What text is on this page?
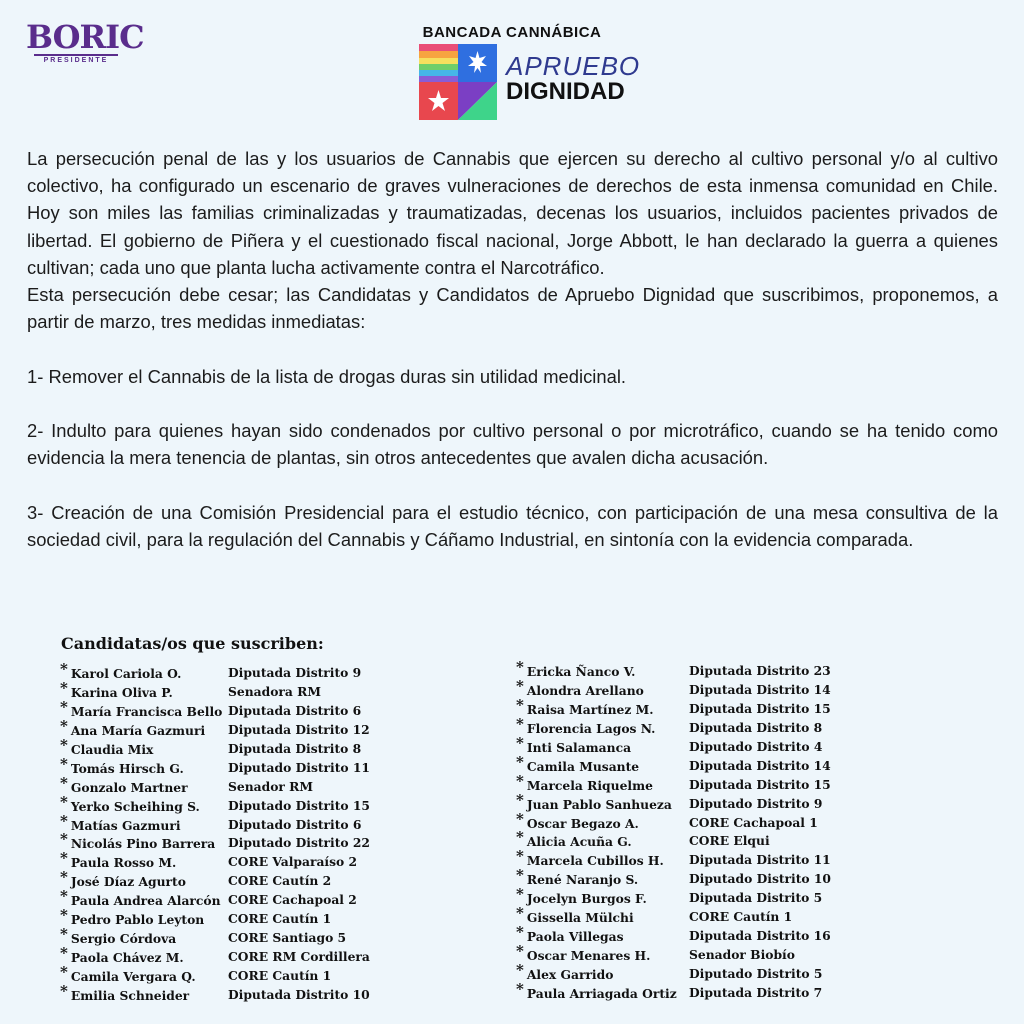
BORIC
PRESIDENTE
BANCADA CANNÁBICA
APRUEBO
DIGNIDAD

La persecución penal de las y los usuarios de Cannabis que ejercen su derecho al cultivo personal y/o al cultivo colectivo, ha configurado un escenario de graves vulneraciones de derechos de esta inmensa comunidad en Chile. Hoy son miles las familias criminalizadas y traumatizadas, decenas los usuarios, incluidos pacientes privados de libertad. El gobierno de Piñera y el cuestionado fiscal nacional, Jorge Abbott, le han declarado la guerra a quienes cultivan; cada uno que planta lucha activamente contra el Narcotráfico.

Esta persecución debe cesar; las Candidatas y Candidatos de Apruebo Dignidad que suscribimos, proponemos, a partir de marzo, tres medidas inmediatas:

1- Remover el Cannabis de la lista de drogas duras sin utilidad medicinal.

2- Indulto para quienes hayan sido condenados por cultivo personal o por microtráfico, cuando se ha tenido como evidencia la mera tenencia de plantas, sin otros antecedentes que avalen dicha acusación.

3- Creación de una Comisión Presidencial para el estudio técnico, con participación de una mesa consultiva de la sociedad civil, para la regulación del Cannabis y Cáñamo Industrial, en sintonía con la evidencia comparada.

Candidatas/os que suscriben:
* Karol Cariola O.	Diputada Distrito 9
* Karina Oliva P.	Senadora RM
* María Francisca Bello Diputada Distrito 6
* Ana María Gazmuri Diputada Distrito 12
* Claudia Mix	Diputada Distrito 8
* Tomás Hirsch G.	Diputado Distrito 11
* Gonzalo Martner	Senador RM
* Yerko Scheihing S. Diputado Distrito 15
* Matías Gazmuri	Diputado Distrito 6
* Nicolás Pino Barrera Diputado Distrito 22
* Paula Rosso M.	CORE Valparaíso 2
* José Díaz Agurto	CORE Cautín 2
* Paula Andrea Alarcón CORE Cachapoal 2
* Pedro Pablo Leyton CORE Cautín 1
* Sergio Córdova	CORE Santiago 5
* Paola Chávez M.	CORE RM Cordillera
* Camila Vergara Q.	CORE Cautín 1
* Emilia Schneider	Diputada Distrito 10
* Ericka Ñanco V.	Diputada Distrito 23
* Alondra Arellano	Diputada Distrito 14
* Raisa Martínez M.	Diputada Distrito 15
* Florencia Lagos N.	Diputada Distrito 8
* Inti Salamanca	Diputado Distrito 4
* Camila Musante	Diputada Distrito 14
* Marcela Riquelme	Diputada Distrito 15
* Juan Pablo Sanhueza Diputado Distrito 9
* Oscar Begazo A.	CORE Cachapoal 1
* Alicia Acuña G.	CORE Elqui
* Marcela Cubillos H. Diputada Distrito 11
* René Naranjo S.	Diputado Distrito 10
* Jocelyn Burgos F.	Diputada Distrito 5
* Gissella Mülchi	CORE Cautín 1
* Paola Villegas	Diputada Distrito 16
* Oscar Menares H.	Senador Biobío
* Alex Garrido	Diputado Distrito 5
* Paula Arriagada Ortiz Diputada Distrito 7
